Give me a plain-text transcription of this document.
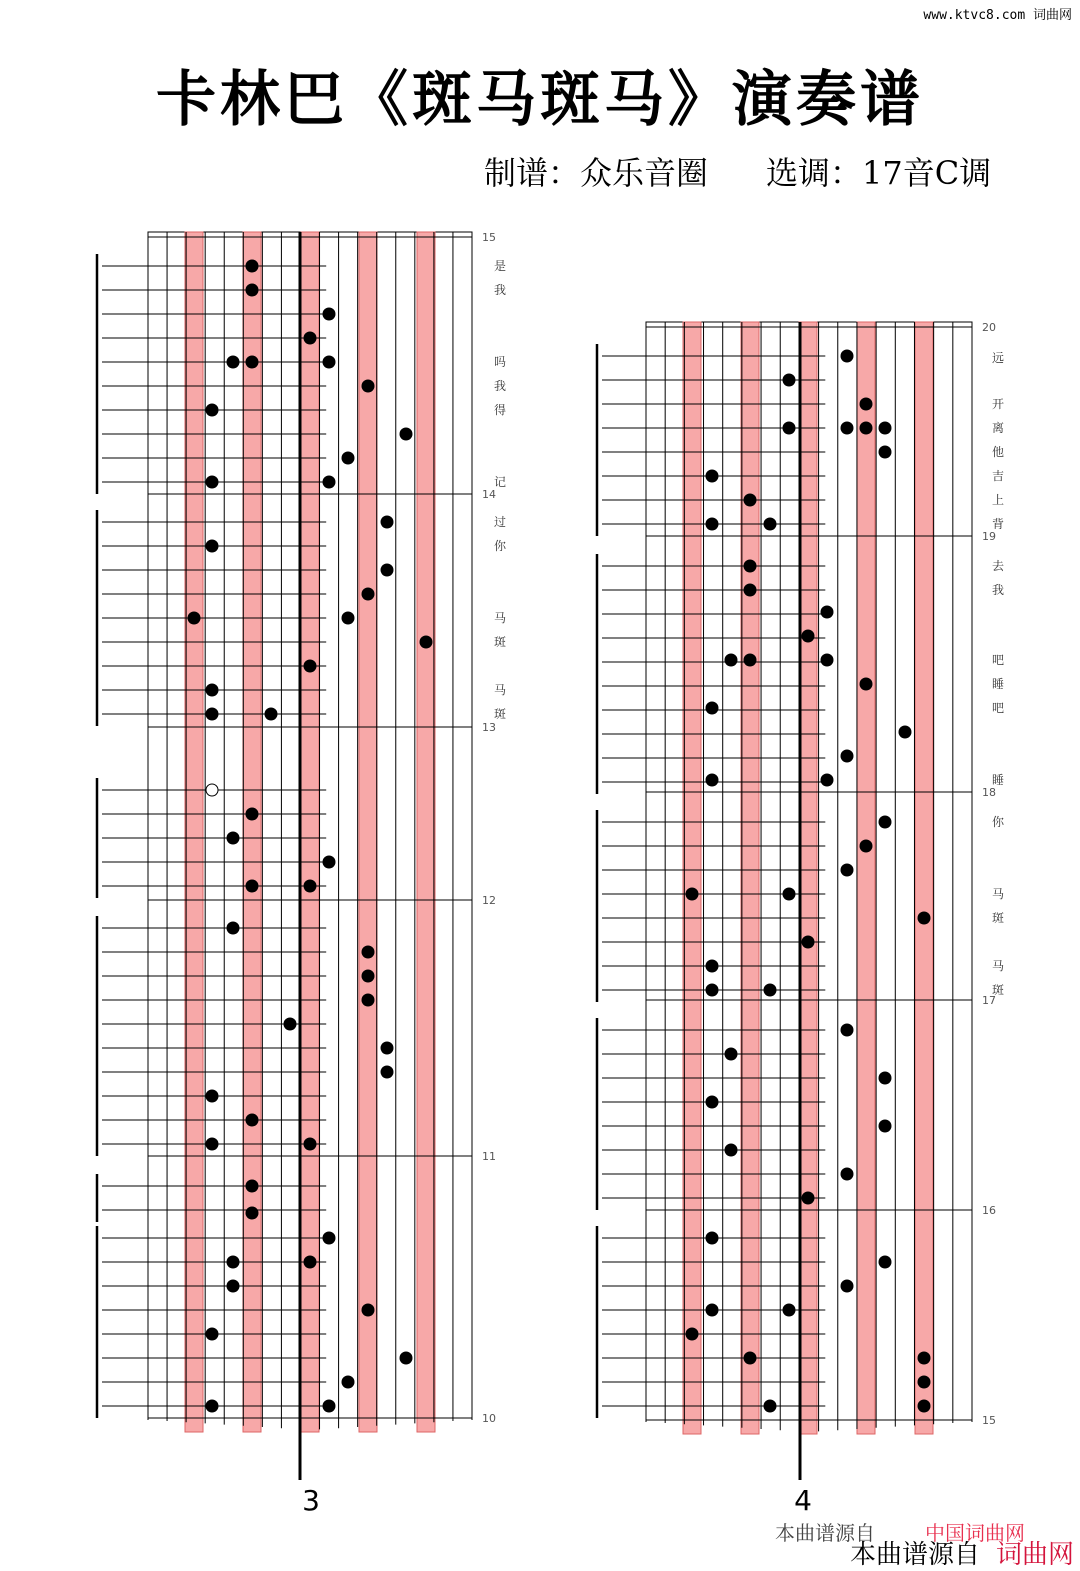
www.ktvc8.com 词曲网
卡林巴《斑马斑马》演奏谱
制谱：众乐音圈 选调：17音C调
15
14
13
12
11
10
是
我
吗
我
得
记
过
你
马
斑
马
斑
3
20
19
18
17
16
15
远
开
离
他
吉
上
背
去
我
吧
睡
吧
睡
你
马
斑
马
斑
4
本曲谱源自	中国词曲网
本曲谱源自 词曲网
